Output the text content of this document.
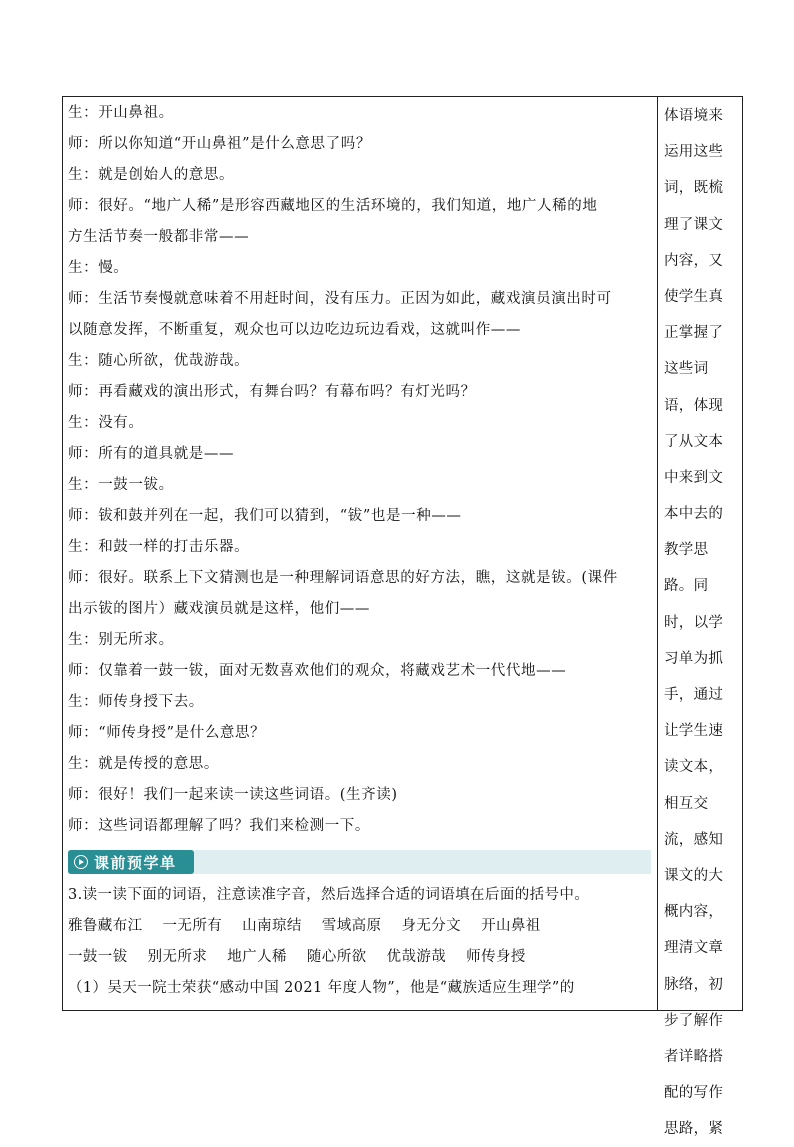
生：开山鼻祖。
师：所以你知道“开山鼻祖”是什么意思了吗？
生：就是创始人的意思。
师：很好。“地广人稀”是形容西藏地区的生活环境的，我们知道，地广人稀的地
方生活节奏一般都非常——
生：慢。
师：生活节奏慢就意味着不用赶时间，没有压力。正因为如此，藏戏演员演出时可
以随意发挥，不断重复，观众也可以边吃边玩边看戏，这就叫作——
生：随心所欲，优哉游哉。
师：再看藏戏的演出形式，有舞台吗？有幕布吗？有灯光吗？
生：没有。
师：所有的道具就是——
生：一鼓一钹。
师：钹和鼓并列在一起，我们可以猜到，“钹”也是一种——
生：和鼓一样的打击乐器。
师：很好。联系上下文猜测也是一种理解词语意思的好方法，瞧，这就是钹。(课件
出示钹的图片）藏戏演员就是这样，他们——
生：别无所求。
师：仅靠着一鼓一钹，面对无数喜欢他们的观众，将藏戏艺术一代代地——
生：师传身授下去。
师：“师传身授”是什么意思？
生：就是传授的意思。
师：很好！我们一起来读一读这些词语。(生齐读)
师：这些词语都理解了吗？我们来检测一下。
课前预学单
3.读一读下面的词语，注意读准字音，然后选择合适的词语填在后面的括号中。
雅鲁藏布江    一无所有    山南琼结    雪域高原    身无分文    开山鼻祖
一鼓一钹    别无所求    地广人稀    随心所欲    优哉游哉    师传身授
（1）吴天一院士荣获“感动中国 2021 年度人物”，他是“藏族适应生理学”的
体语境来
运用这些
词，既梳
理了课文
内容，又
使学生真
正掌握了
这些词
语，体现
了从文本
中来到文
本中去的
教学思
路。同
时，以学
习单为抓
手，通过
让学生速
读文本，
相互交
流，感知
课文的大
概内容，
理清文章
脉络，初
步了解作
者详略搭
配的写作
思路，紧
